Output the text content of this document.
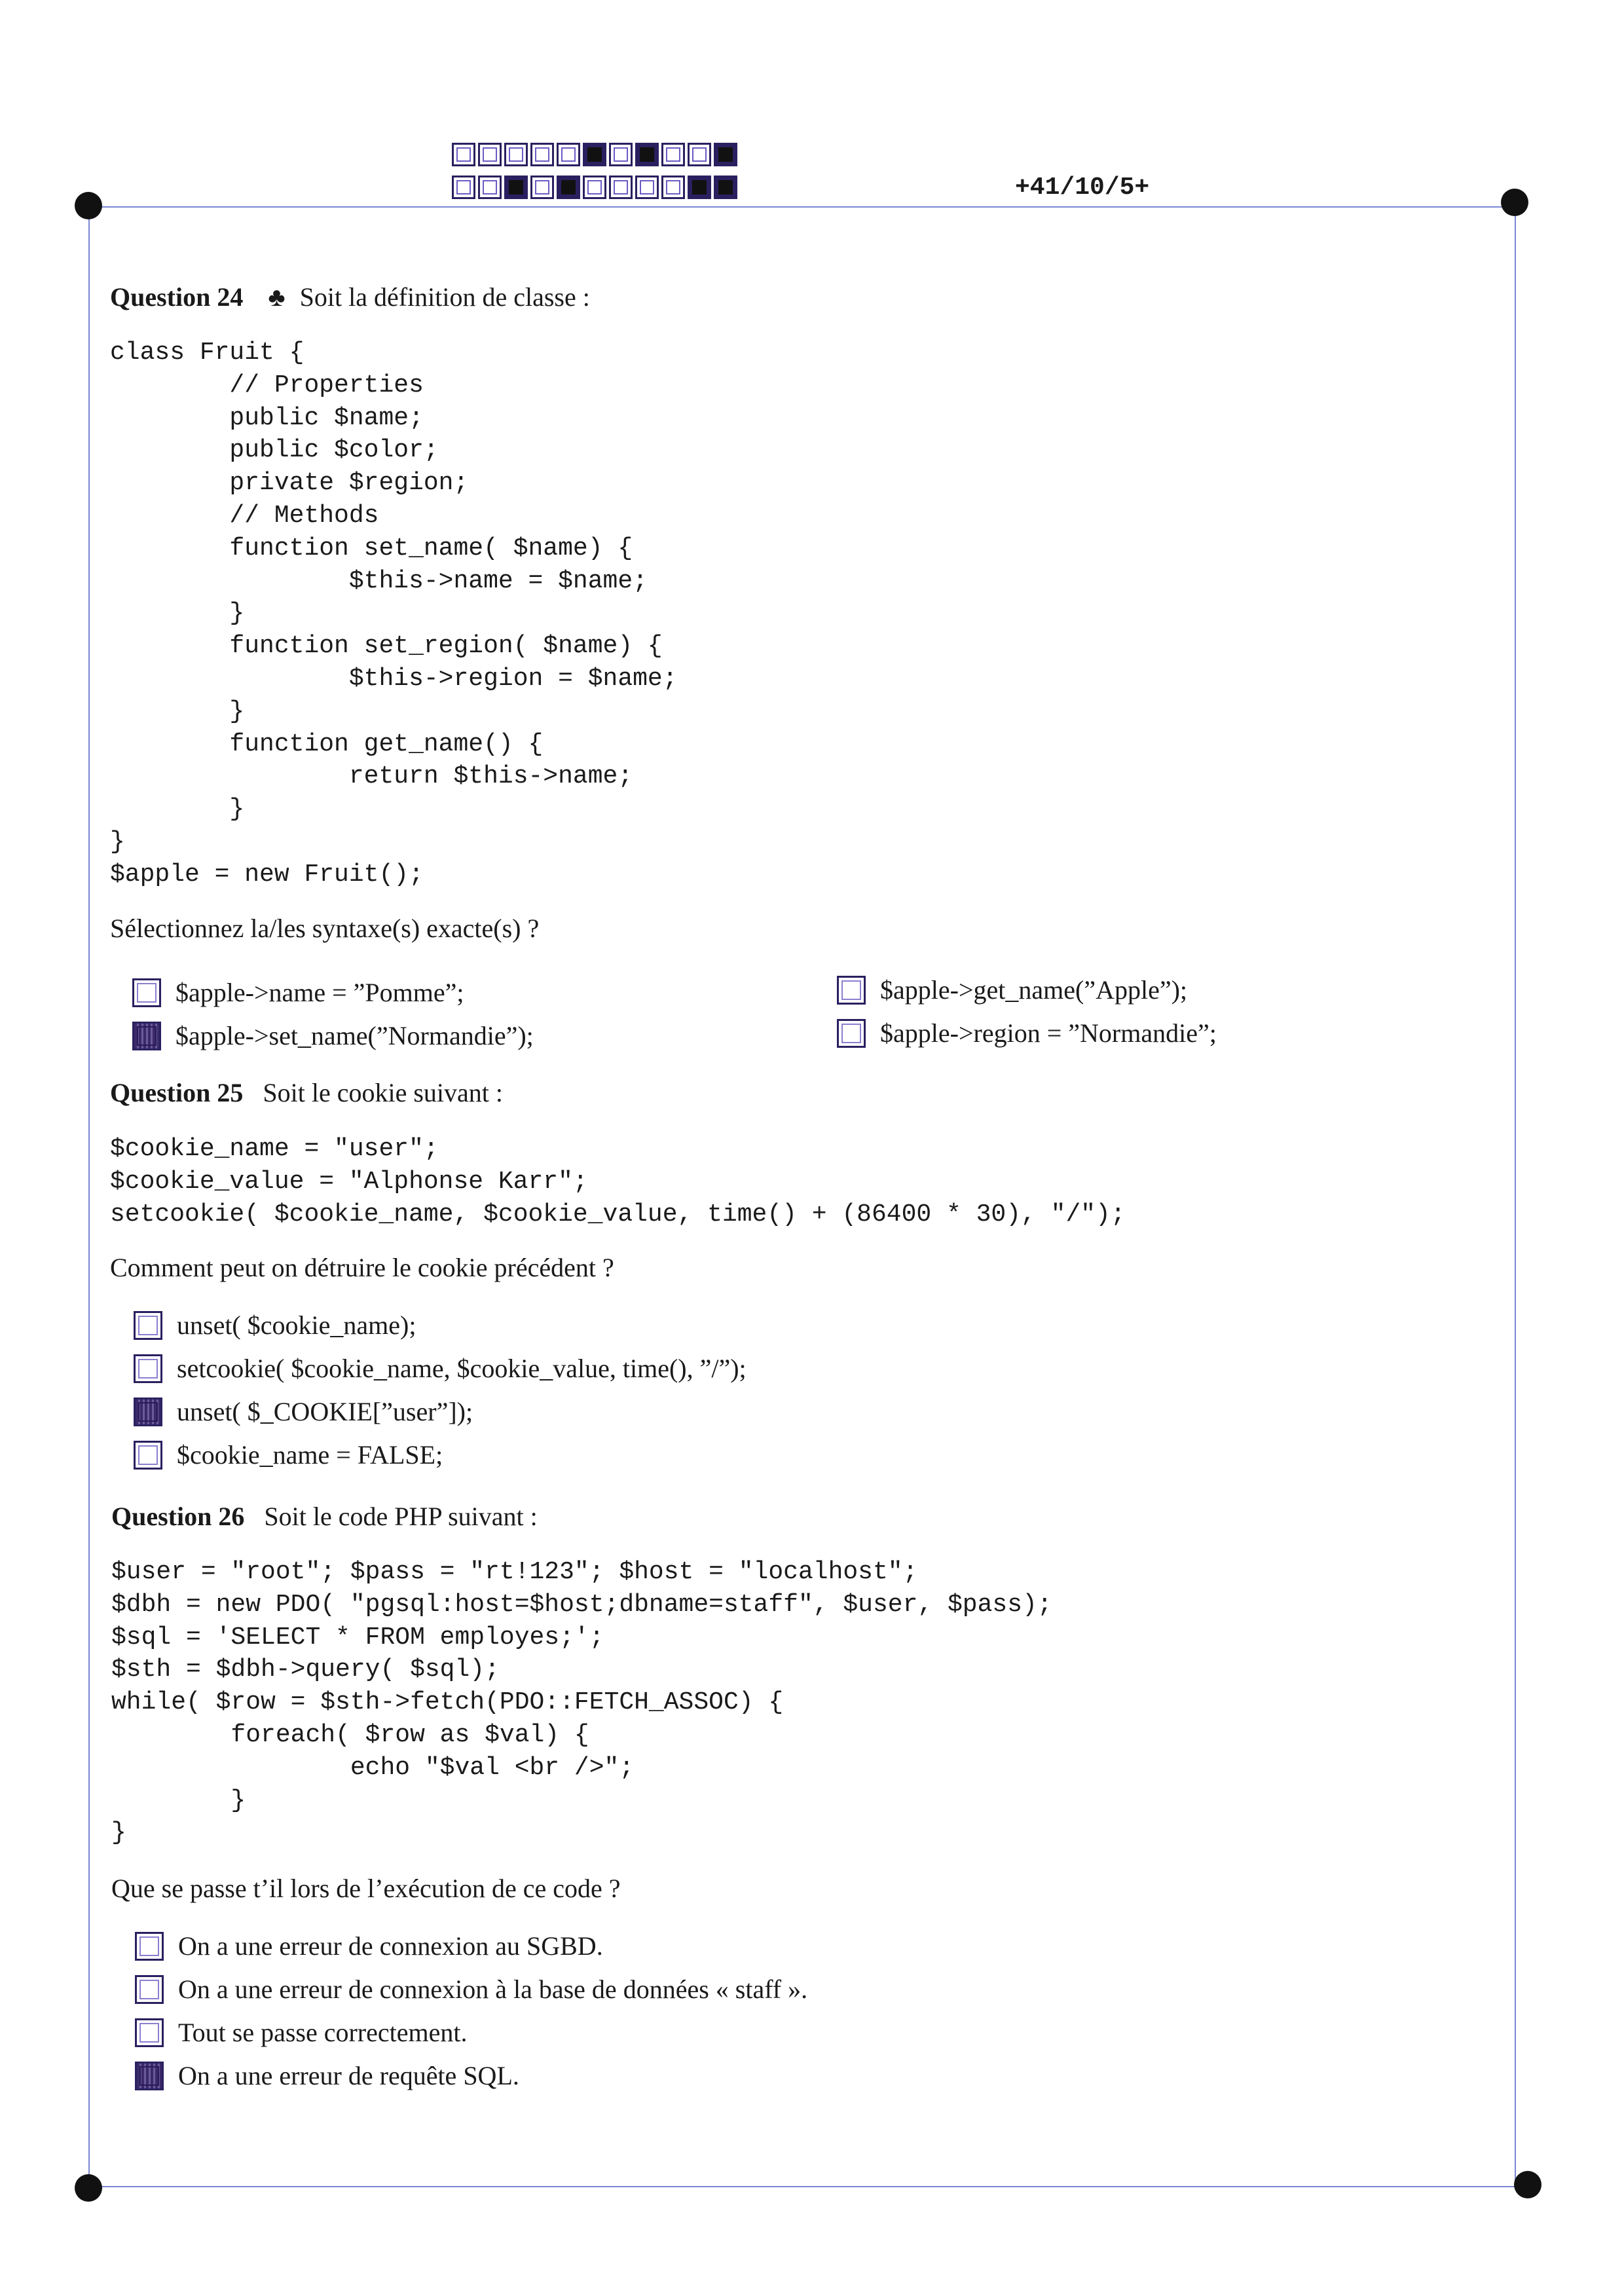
+41/10/5+
Question 24 ♣ Soit la définition de classe :
class Fruit {
// Properties
public $name;
public $color;
private $region;
// Methods
function set_name( $name) {
$this->name = $name;
}
function set_region( $name) {
$this->region = $name;
}
function get_name() {
return $this->name;
}
}
$apple = new Fruit();
Sélectionnez la/les syntaxe(s) exacte(s) ?
$apple->name = ”Pomme”;
$apple->set_name(”Normandie”);
$apple->get_name(”Apple”);
$apple->region = ”Normandie”;
Question 25 Soit le cookie suivant :
$cookie_name = "user";
$cookie_value = "Alphonse Karr";
setcookie( $cookie_name, $cookie_value, time() + (86400 * 30), "/");
Comment peut on détruire le cookie précédent ?
unset( $cookie_name);
setcookie( $cookie_name, $cookie_value, time(), ”/”);
unset( $_COOKIE[”user”]);
$cookie_name = FALSE;
Question 26 Soit le code PHP suivant :
$user = "root"; $pass = "rt!123"; $host = "localhost";
$dbh = new PDO( "pgsql:host=$host;dbname=staff", $user, $pass);
$sql = 'SELECT * FROM employes;';
$sth = $dbh->query( $sql);
while( $row = $sth->fetch(PDO::FETCH_ASSOC) {
foreach( $row as $val) {
echo "$val <br />";
}
}
Que se passe t’il lors de l’exécution de ce code ?
On a une erreur de connexion au SGBD.
On a une erreur de connexion à la base de données « staff ».
Tout se passe correctement.
On a une erreur de requête SQL.
